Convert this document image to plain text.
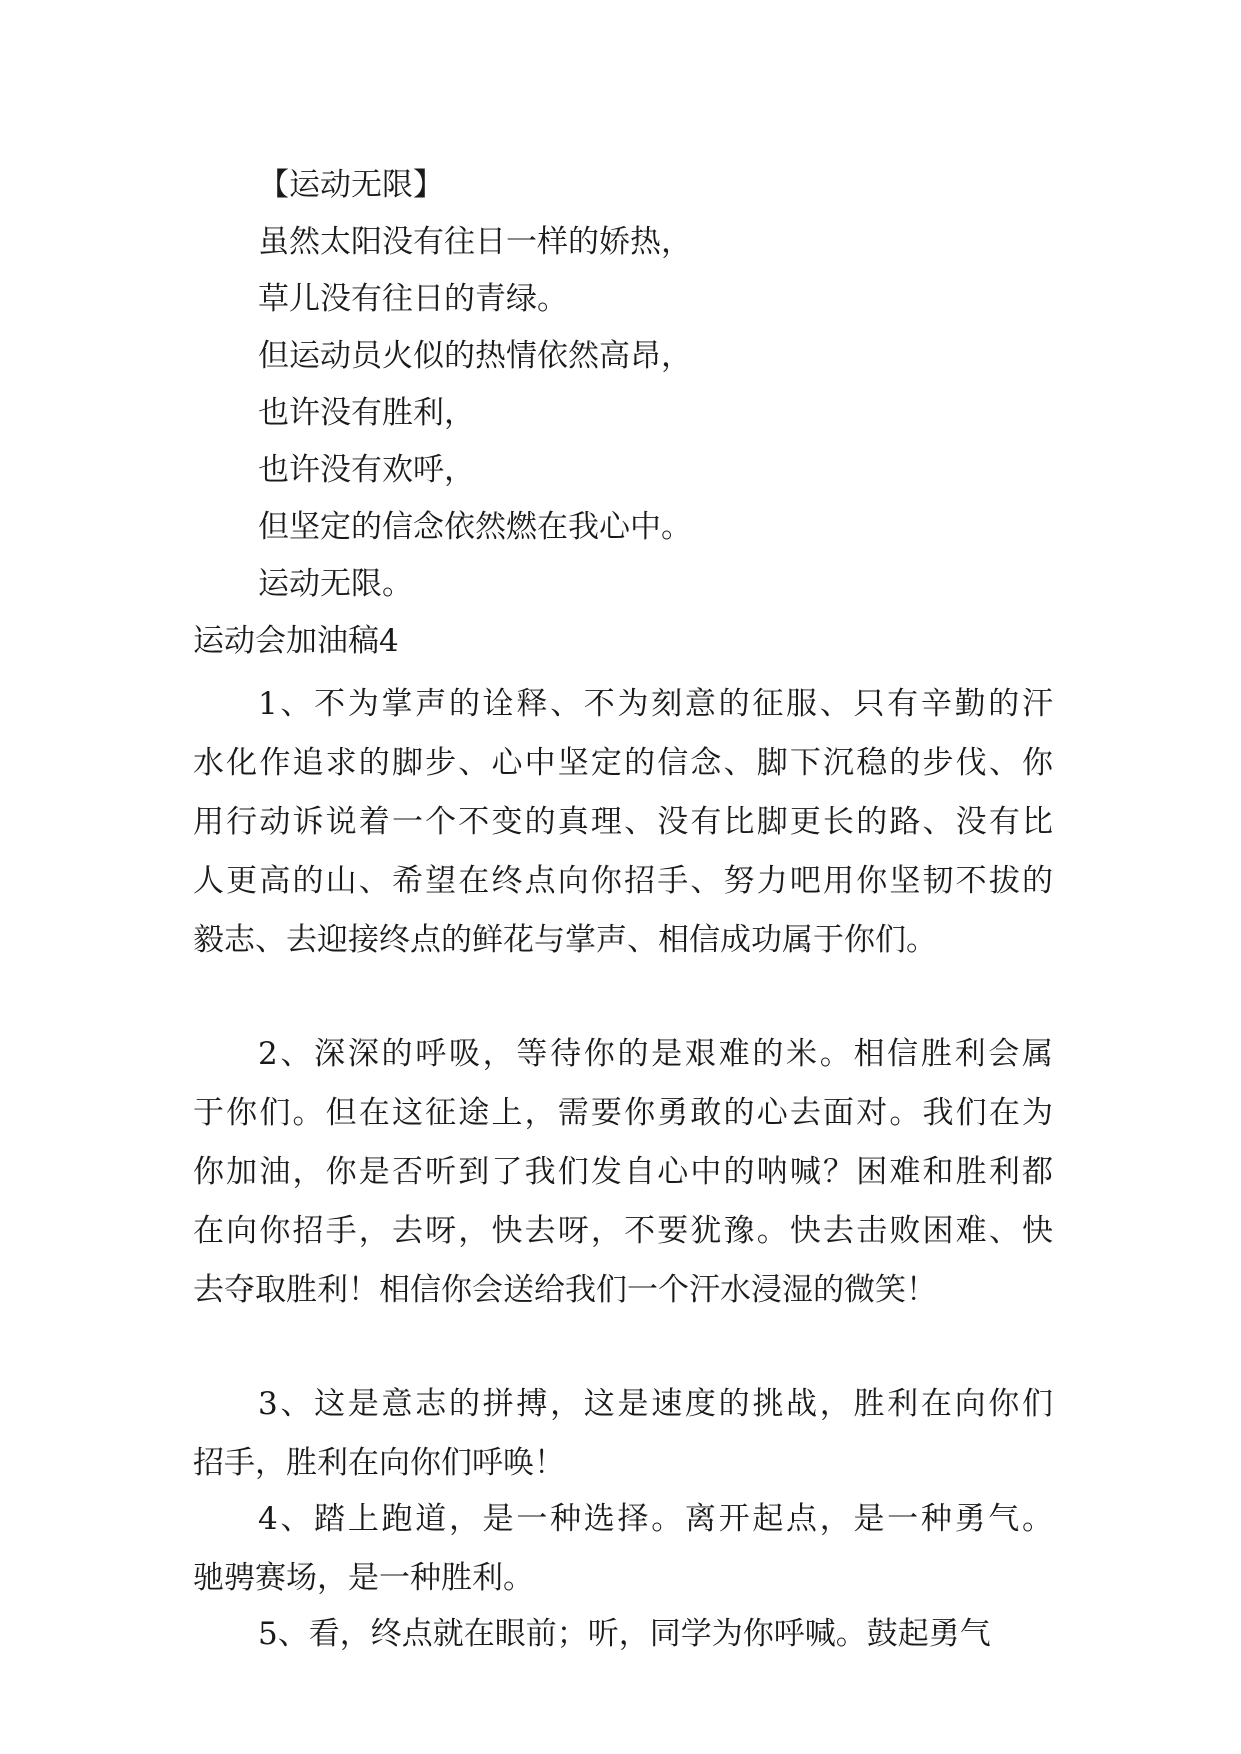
【运动无限】
虽然太阳没有往日一样的娇热，
草儿没有往日的青绿。
但运动员火似的热情依然高昂，
也许没有胜利，
也许没有欢呼，
但坚定的信念依然燃在我心中。
运动无限。
运动会加油稿4
1、不为掌声的诠释、不为刻意的征服、只有辛勤的汗
水化作追求的脚步、心中坚定的信念、脚下沉稳的步伐、你
用行动诉说着一个不变的真理、没有比脚更长的路、没有比
人更高的山、希望在终点向你招手、努力吧用你坚韧不拔的
毅志、去迎接终点的鲜花与掌声、相信成功属于你们。
2、深深的呼吸，等待你的是艰难的米。相信胜利会属
于你们。但在这征途上，需要你勇敢的心去面对。我们在为
你加油，你是否听到了我们发自心中的呐喊？困难和胜利都
在向你招手，去呀，快去呀，不要犹豫。快去击败困难、快
去夺取胜利！相信你会送给我们一个汗水浸湿的微笑！
3、这是意志的拼搏，这是速度的挑战，胜利在向你们
招手，胜利在向你们呼唤！
4、踏上跑道，是一种选择。离开起点，是一种勇气。
驰骋赛场，是一种胜利。
5、看，终点就在眼前；听，同学为你呼喊。鼓起勇气
